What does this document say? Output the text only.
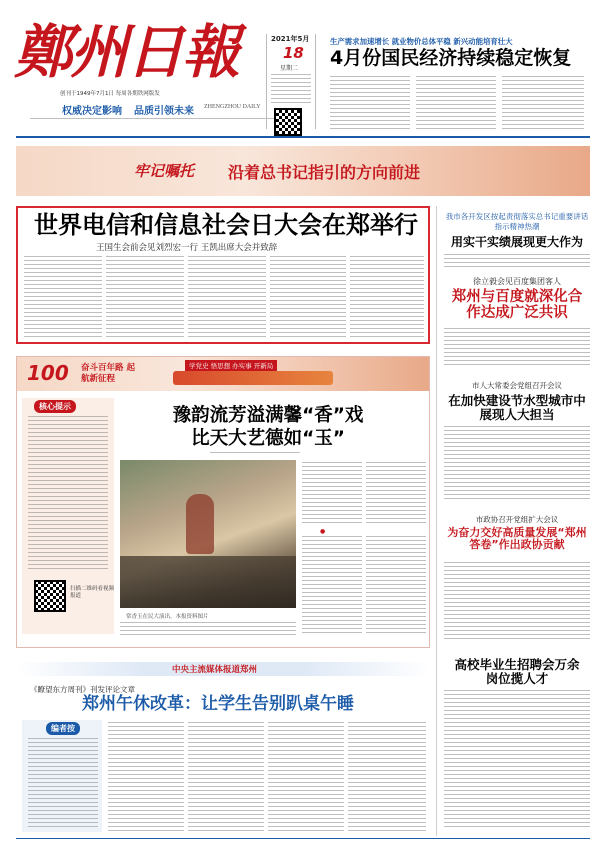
鄭州日報
创刊于1949年7月1日 每周各期铁网版发
权威决定影响 品质引领未来 ZHENGZHOU DAILY
2021年5月
18
星期二
生产需求加速增长 就业物价总体平稳 新兴动能培育壮大
4月份国民经济持续稳定恢复
牢记嘱托 沿着总书记指引的方向前进
世界电信和信息社会日大会在郑举行
王国生会前会见刘烈宏一行 王凯出席大会并致辞
我市各开发区按起责彻落实总书记重要讲话指示精神热潮
用实干实绩展现更大作为
徐立毅会见百度集团客人
郑州与百度就深化合作达成广泛共识
市人大常委会党组召开会议
在加快建设节水型城市中展现人大担当
市政协召开党组扩大会议
为奋力交好高质量发展“郑州答卷”作出政协贡献
高校毕业生招聘会万余岗位揽人才
100 奋斗百年路 起航新征程
学党史 悟思想 办实事 开新局
核心提示
扫描二维码看视频报道
豫韵流芳溢满馨“香”戏比天大艺德如“玉”
常香玉在民大演出。本报资料图片
●
中央主流媒体报道郑州
《瞭望东方周刊》刊发评论文章
郑州午休改革：让学生告别趴桌午睡
编者按
